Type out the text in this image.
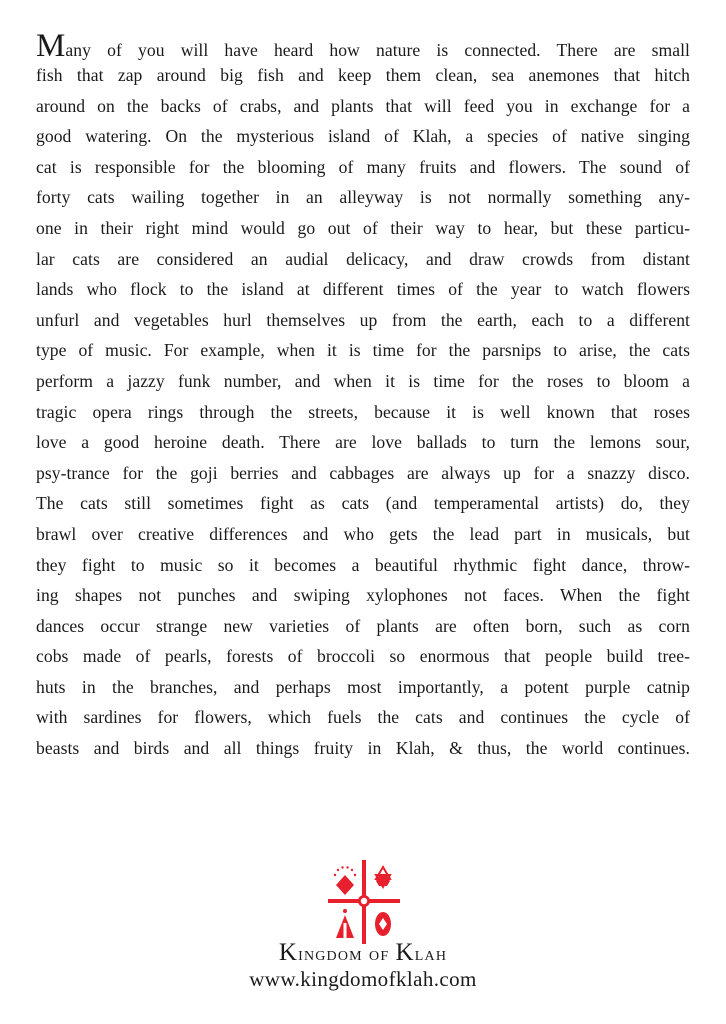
Many of you will have heard how nature is connected. There are small
fish that zap around big fish and keep them clean, sea anemones that hitch
around on the backs of crabs, and plants that will feed you in exchange for a
good watering. On the mysterious island of Klah, a species of native singing
cat is responsible for the blooming of many fruits and flowers. The sound of
forty cats wailing together in an alleyway is not normally something any-
one in their right mind would go out of their way to hear, but these particu-
lar cats are considered an audial delicacy, and draw crowds from distant
lands who flock to the island at different times of the year to watch flowers
unfurl and vegetables hurl themselves up from the earth, each to a different
type of music. For example, when it is time for the parsnips to arise, the cats
perform a jazzy funk number, and when it is time for the roses to bloom a
tragic opera rings through the streets, because it is well known that roses
love a good heroine death. There are love ballads to turn the lemons sour,
psy-trance for the goji berries and cabbages are always up for a snazzy disco.
The cats still sometimes fight as cats (and temperamental artists) do, they
brawl over creative differences and who gets the lead part in musicals, but
they fight to music so it becomes a beautiful rhythmic fight dance, throw-
ing shapes not punches and swiping xylophones not faces. When the fight
dances occur strange new varieties of plants are often born, such as corn
cobs made of pearls, forests of broccoli so enormous that people build tree-
huts in the branches, and perhaps most importantly, a potent purple catnip
with sardines for flowers, which fuels the cats and continues the cycle of
beasts and birds and all things fruity in Klah, & thus, the world continues.
Kingdom of Klah
www.kingdomofklah.com
